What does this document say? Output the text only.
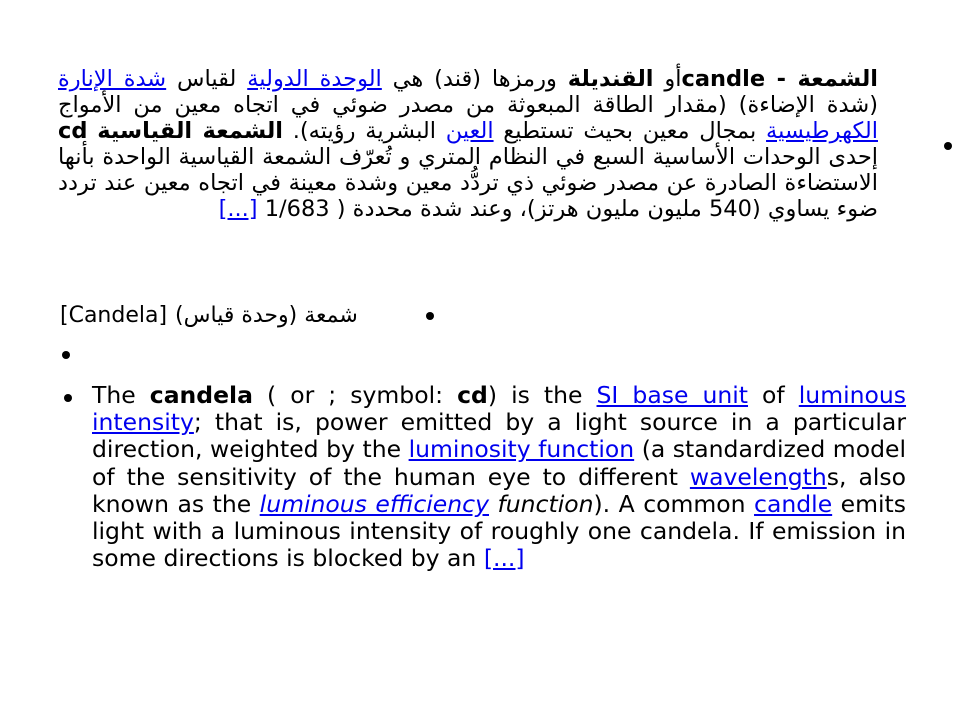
الشمعة - candleأو القنديلة ورمزها (قند) هي الوحدة الدولية لقياس شدة الإنارة (شدة الإضاءة) (مقدار الطاقة المبعوثة من مصدر ضوئي في اتجاه معين من الأمواج الكهرطيسية بمجال معين بحيث تستطيع العين البشرية رؤيته). الشمعة القياسية cd إحدى الوحدات الأساسية السبع في النظام المتري و تُعرّف الشمعة القياسية الواحدة بأنها الاستضاءة الصادرة عن مصدر ضوئي ذي تردُّد معين وشدة معينة في اتجاه معين عند تردد ضوء يساوي (540 مليون مليون هرتز)، وعند شدة محددة ( 1/683 [...]
[Candela] شمعة (وحدة قياس)
The candela ( or ; symbol: cd) is the SI base unit of luminous intensity; that is, power emitted by a light source in a particular direction, weighted by the luminosity function (a standardized model of the sensitivity of the human eye to different wavelengths, also known as the luminous efficiency function). A common candle emits light with a luminous intensity of roughly one candela. If emission in some directions is blocked by an [...]
